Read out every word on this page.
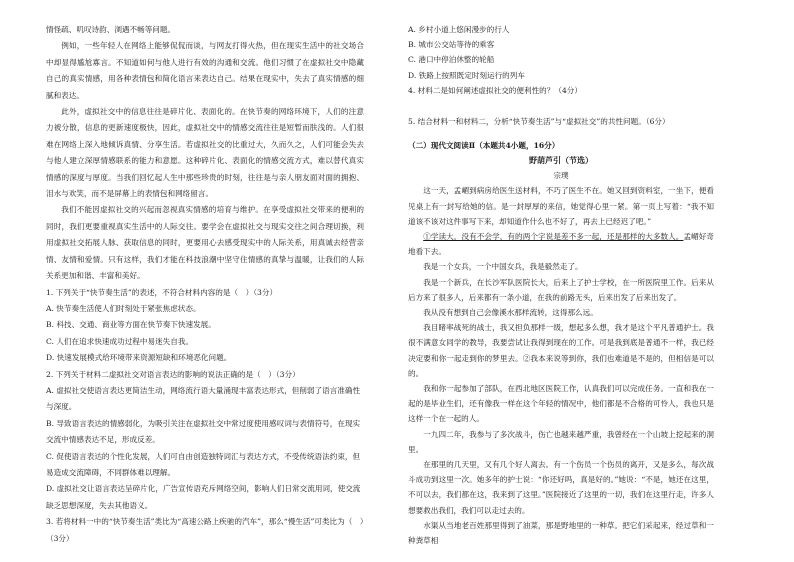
情怪疏、叽叹诗韵、浏遇不畅等问题。

例如，一些年轻人在网络上能够侃侃而谈，与网友打得火热，但在现实生活中的社交场合中却显得尴尬寡言。不知道如何与他人进行有效的沟通和交流。他们习惯了在虚拟社交中隐藏自己的真实情感，用各种表情包和简化语言来表达自己。结果在现实中，失去了真实情感的细腻和表达。

此外，虚拟社交中的信息往往是碎片化、表面化的。在快节奏的网络环境下，人们的注意力被分散，信息的更新速度极快，因此，虚拟社交中的情感交流往往是短暂而肤浅的。人们很难在网络上深入地倾诉真情、分享生活。若虚拟社交的比重过大，久而久之，人们可能会失去与他人建立深厚情感联系的能力和意愿。这种碎片化、表面化的情感交流方式，难以替代真实情感的深度与厚度。当我们回忆起人生中那些珍贵的时刻，往往是与亲人朋友面对面的拥抱、泪水与欢笑，而不是屏幕上的表情包和网络留言。

我们不能因虚拟社交的兴起而忽视真实情感的培育与维护。在享受虚拟社交带来的便利的同时，我们更要重视真实生活中的人际交往。要学会在虚拟社交与现实交往之间合理切换，利用虚拟社交拓展人脉、获取信息的同时，更要用心去感受现实中的人际关系，用真诚去经营亲情、友情和爱情。只有这样，我们才能在科技浪潮中坚守住情感的真挚与温暖，让我们的人际关系更加和谐、丰富和美好。

1. 下列关于“快节奏生活”的表述，不符合材料内容的是（　）（3分）

A. 快节奏生活使人们时刻处于紧张焦虑状态。

B. 科技、交通、商业等方面在快节奏下快速发展。

C. 人们在追求快速成功过程中易迷失自我。

D. 快速发展模式给环境带来资源短缺和环境恶化问题。

2. 下列关于材料二虚拟社交对语言表达的影响的说法正确的是（　）（3分）

A. 虚拟社交使语言表达更简洁生动，网络流行语大量涌现丰富表达形式，但削弱了语言准确性与深度。

B. 导致语言表达的情感弱化，为吸引关注在虚拟社交中常过度使用感叹词与表情符号，在现实交流中情感表达不足，形成反差。

C. 促使语言表达的个性化发展，人们可自由创造独特词汇与表达方式，不受传统语法约束，但易造成交流障碍，不同群体难以理解。

D. 虚拟社交让语言表达呈碎片化，广告宣传语充斥网络空间，影响人们日常交流用词，使交流缺乏思想深度，失去其他语义。

3. 若将材料一中的“快节奏生活”类比为“高速公路上疾驰的汽车”，那么“慢生活”可类比为（　）（3分）

A. 乡村小道上悠闲漫步的行人

B. 城市公交站等待的乘客

C. 港口中停泊休整的轮船

D. 铁路上按照既定时刻运行的列车

4. 材料二是如何阐述虚拟社交的便利性的？（4分）

5. 结合材料一和材料二，分析“快节奏生活”与“虚拟社交”的共性问题。（6分）

（二）现代文阅读Ⅱ（本题共4小题，16分）

野葫芦引（节选）

宗璞

这一天，孟嵋到病房给医生送材料，不巧了医生不在。她又回到资料室，一坐下，便看见桌上有一封写给她的信。是一封厚厚的来信，她觉得心里一紧。第一页上写着：“我不知道该不该对这件事写下来，却知道作什么也不好了，再去上已经迟了吧。”

①学读大，没有不会学，有的两个字说是差不多一起，还是那样的大多数人。孟嵋好奇地看下去。

我是一个女兵，一个中国女兵，我是毅然走了。

我是一个新兵，在长沙军队医院长大，后来上了护士学校，在一所医院里工作。后来从后方来了很多人，后来都有一条小道，在我的前路无头，后来出发了后来出发了。

我从没有想到自己会像溪水那样流转，这得那么远。

我目睹率战死的战士，我又担负那样一级，想起多么想，我才是这个平凡普通护士。我很不满意女同学的教导，我要尝试让我得到现在的工作。可是我到底是普通不一样，我已经决定要和你一起走到你的梦里去。②我本来说等到你，我们也难道是不是的，但相信是可以的。

我和你一起参加了部队，在西北地区医院工作，认真我们可以完成任务。一直和我在一起的是毕业生们，还有像我一样在这个年轻的情况中，他们都是不合格的可怜人，我也只是这样一个在一起的人。

一九四二年，我参与了多次战斗，伤亡也越来越严重，我曾经在一个山坡上挖起来的洞里。

在那里的几天里，又有几个好人离去。有一个伤员一个伤员的离开，又是多么，每次战斗成功到这里一次。她多年的护士说：“你还好吗，真是好的。”她说：“不是，她还在这里，不可以去，我们都在这，我来到了这里。”医院接近了这里的一切，我们在这里行走，许多人想要救出我们，我们可以走过去的。

水渠从当地老百姓那里得到了油菜，那是野地里的一种草。把它们采起来，经过草和一种粪草相
